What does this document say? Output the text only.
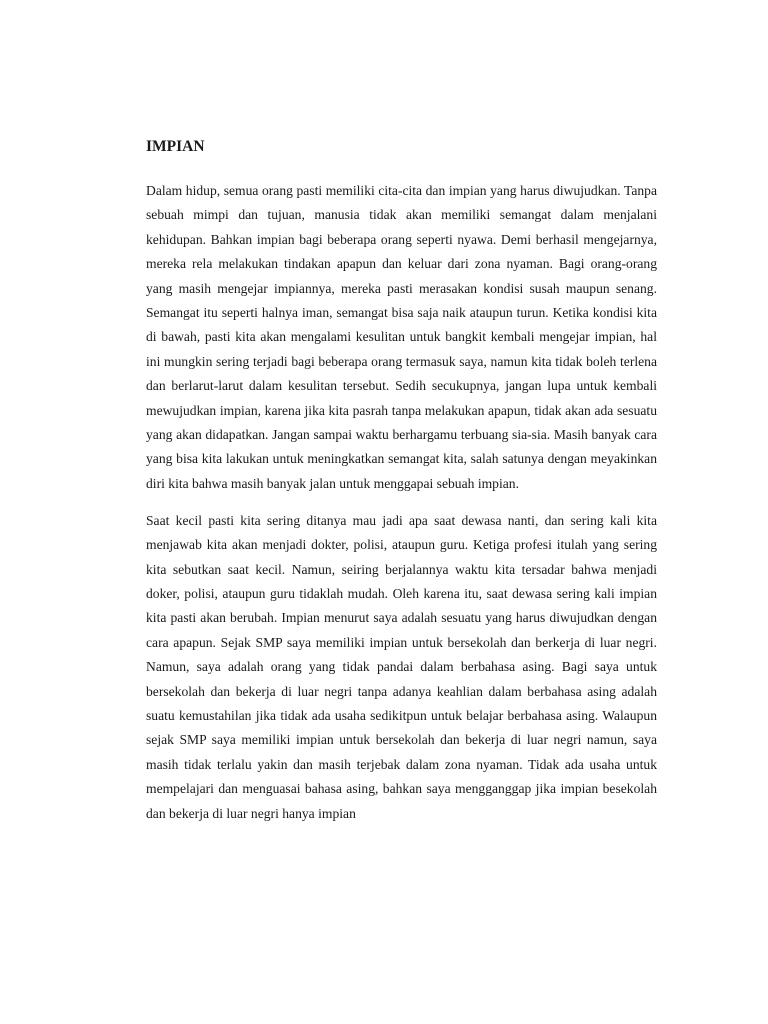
IMPIAN

Dalam hidup, semua orang pasti memiliki cita-cita dan impian yang harus diwujudkan. Tanpa sebuah mimpi dan tujuan, manusia tidak akan memiliki semangat dalam menjalani kehidupan. Bahkan impian bagi beberapa orang seperti nyawa. Demi berhasil mengejarnya, mereka rela melakukan tindakan apapun dan keluar dari zona nyaman. Bagi orang-orang yang masih mengejar impiannya, mereka pasti merasakan kondisi susah maupun senang. Semangat itu seperti halnya iman, semangat bisa saja naik ataupun turun. Ketika kondisi kita di bawah, pasti kita akan mengalami kesulitan untuk bangkit kembali mengejar impian, hal ini mungkin sering terjadi bagi beberapa orang termasuk saya, namun kita tidak boleh terlena dan berlarut-larut dalam kesulitan tersebut. Sedih secukupnya, jangan lupa untuk kembali mewujudkan impian, karena jika kita pasrah tanpa melakukan apapun, tidak akan ada sesuatu yang akan didapatkan. Jangan sampai waktu berhargamu terbuang sia-sia. Masih banyak cara yang bisa kita lakukan untuk meningkatkan semangat kita, salah satunya dengan meyakinkan diri kita bahwa masih banyak jalan untuk menggapai sebuah impian.

Saat kecil pasti kita sering ditanya mau jadi apa saat dewasa nanti, dan sering kali kita menjawab kita akan menjadi dokter, polisi, ataupun guru. Ketiga profesi itulah yang sering kita sebutkan saat kecil. Namun, seiring berjalannya waktu kita tersadar bahwa menjadi doker, polisi, ataupun guru tidaklah mudah. Oleh karena itu, saat dewasa sering kali impian kita pasti akan berubah. Impian menurut saya adalah sesuatu yang harus diwujudkan dengan cara apapun. Sejak SMP saya memiliki impian untuk bersekolah dan berkerja di luar negri. Namun, saya adalah orang yang tidak pandai dalam berbahasa asing. Bagi saya untuk bersekolah dan bekerja di luar negri tanpa adanya keahlian dalam berbahasa asing adalah suatu kemustahilan jika tidak ada usaha sedikitpun untuk belajar berbahasa asing. Walaupun sejak SMP saya memiliki impian untuk bersekolah dan bekerja di luar negri namun, saya masih tidak terlalu yakin dan masih terjebak dalam zona nyaman. Tidak ada usaha untuk mempelajari dan menguasai bahasa asing, bahkan saya mengganggap jika impian besekolah dan bekerja di luar negri hanya impian
